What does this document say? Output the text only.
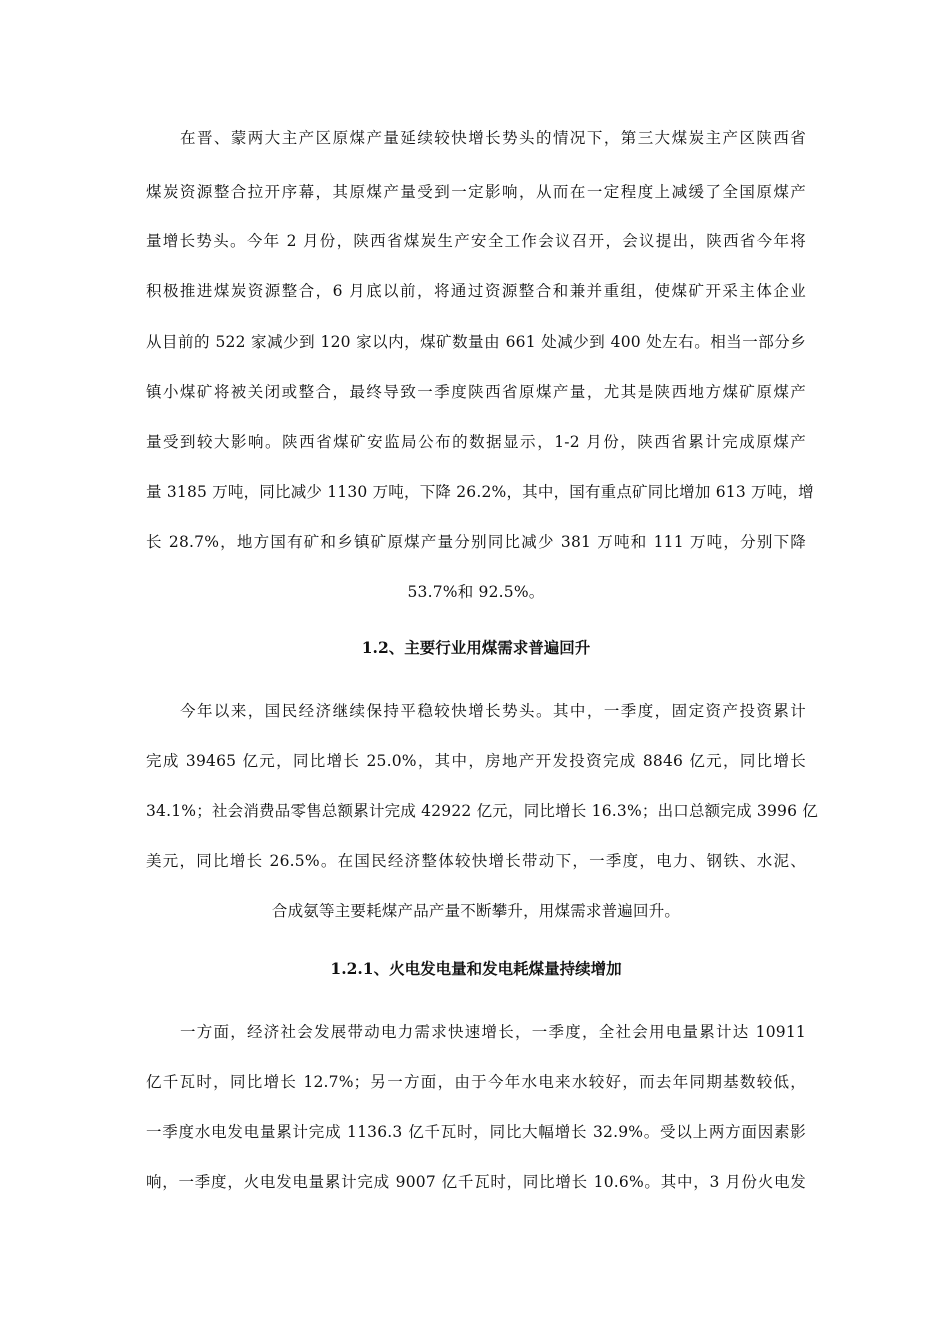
在晋、蒙两大主产区原煤产量延续较快增长势头的情况下，第三大煤炭主产区陕西省
煤炭资源整合拉开序幕，其原煤产量受到一定影响，从而在一定程度上减缓了全国原煤产
量增长势头。今年 2 月份，陕西省煤炭生产安全工作会议召开，会议提出，陕西省今年将
积极推进煤炭资源整合，6 月底以前，将通过资源整合和兼并重组，使煤矿开采主体企业
从目前的 522 家减少到 120 家以内，煤矿数量由 661 处减少到 400 处左右。相当一部分乡
镇小煤矿将被关闭或整合，最终导致一季度陕西省原煤产量，尤其是陕西地方煤矿原煤产
量受到较大影响。陕西省煤矿安监局公布的数据显示，1-2 月份，陕西省累计完成原煤产
量 3185 万吨，同比减少 1130 万吨，下降 26.2%，其中，国有重点矿同比增加 613 万吨，增
长 28.7%，地方国有矿和乡镇矿原煤产量分别同比减少 381 万吨和 111 万吨，分别下降
53.7%和 92.5%。
1.2、主要行业用煤需求普遍回升
今年以来，国民经济继续保持平稳较快增长势头。其中，一季度，固定资产投资累计
完成 39465 亿元，同比增长 25.0%，其中，房地产开发投资完成 8846 亿元，同比增长
34.1%；社会消费品零售总额累计完成 42922 亿元，同比增长 16.3%；出口总额完成 3996 亿
美元，同比增长 26.5%。在国民经济整体较快增长带动下，一季度，电力、钢铁、水泥、
合成氨等主要耗煤产品产量不断攀升，用煤需求普遍回升。
1.2.1、火电发电量和发电耗煤量持续增加
一方面，经济社会发展带动电力需求快速增长，一季度，全社会用电量累计达 10911
亿千瓦时，同比增长 12.7%；另一方面，由于今年水电来水较好，而去年同期基数较低，
一季度水电发电量累计完成 1136.3 亿千瓦时，同比大幅增长 32.9%。受以上两方面因素影
响，一季度，火电发电量累计完成 9007 亿千瓦时，同比增长 10.6%。其中，3 月份火电发
